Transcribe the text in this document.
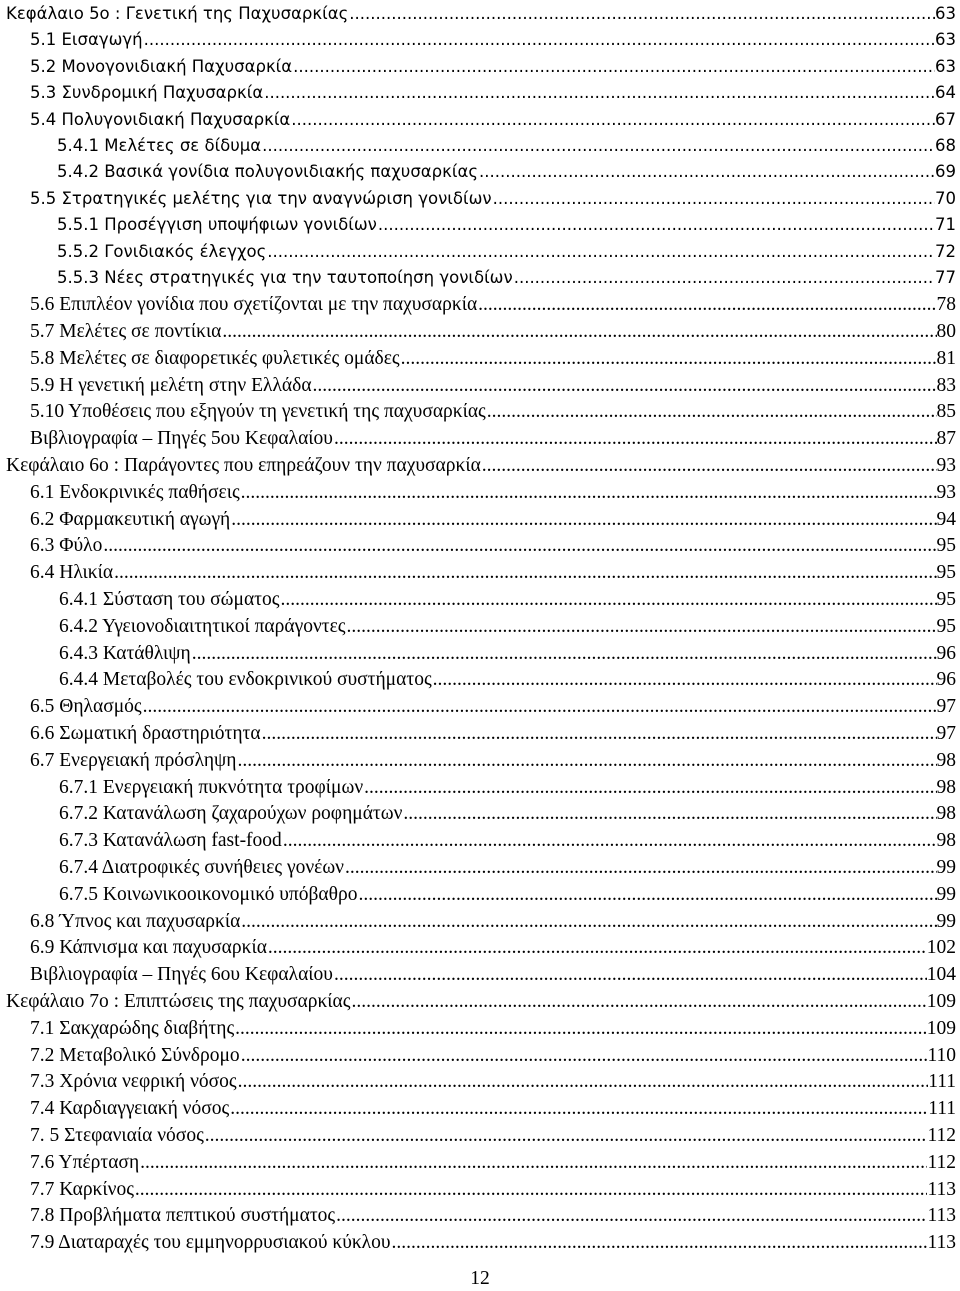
Κεφάλαιο 5ο : Γενετική της Παχυσαρκίας .....	63
5.1 Εισαγωγή .....	63
5.2 Μονογονιδιακή Παχυσαρκία .....	63
5.3 Συνδρομική Παχυσαρκία .....	64
5.4 Πολυγονιδιακή Παχυσαρκία .....	67
5.4.1 Μελέτες σε δίδυμα .....	68
5.4.2 Βασικά γονίδια πολυγονιδιακής παχυσαρκίας .....	69
5.5 Στρατηγικές μελέτης για την αναγνώριση γονιδίων .....	70
5.5.1 Προσέγγιση υποψήφιων γονιδίων .....	71
5.5.2 Γονιδιακός έλεγχος .....	72
5.5.3 Νέες στρατηγικές για την ταυτοποίηση γονιδίων .....	77
5.6 Επιπλέον γονίδια που σχετίζονται με την παχυσαρκία .....	78
5.7 Μελέτες σε ποντίκια .....	80
5.8 Μελέτες σε διαφορετικές φυλετικές ομάδες .....	81
5.9 Η γενετική μελέτη στην Ελλάδα .....	83
5.10 Υποθέσεις που εξηγούν τη γενετική της παχυσαρκίας .....	85
Βιβλιογραφία – Πηγές 5ου Κεφαλαίου .....	87
Κεφάλαιο 6ο : Παράγοντες που επηρεάζουν την παχυσαρκία .....	93
6.1 Ενδοκρινικές παθήσεις .....	93
6.2 Φαρμακευτική αγωγή .....	94
6.3 Φύλο .....	95
6.4 Ηλικία .....	95
6.4.1 Σύσταση του σώματος .....	95
6.4.2 Υγειονοδιαιτητικοί παράγοντες .....	95
6.4.3 Κατάθλιψη .....	96
6.4.4 Μεταβολές του ενδοκρινικού συστήματος .....	96
6.5 Θηλασμός .....	97
6.6 Σωματική δραστηριότητα .....	97
6.7 Ενεργειακή πρόσληψη .....	98
6.7.1 Ενεργειακή πυκνότητα τροφίμων .....	98
6.7.2 Κατανάλωση ζαχαρούχων ροφημάτων .....	98
6.7.3 Κατανάλωση fast-food .....	98
6.7.4 Διατροφικές συνήθειες γονέων .....	99
6.7.5 Κοινωνικοοικονομικό υπόβαθρο .....	99
6.8 Ύπνος και παχυσαρκία .....	99
6.9 Κάπνισμα και παχυσαρκία .....	102
Βιβλιογραφία – Πηγές 6ου Κεφαλαίου .....	104
Κεφάλαιο 7ο : Επιπτώσεις της παχυσαρκίας .....	109
7.1 Σακχαρώδης διαβήτης .....	109
7.2 Μεταβολικό Σύνδρομο .....	110
7.3 Χρόνια νεφρική νόσος .....	111
7.4 Καρδιαγγειακή νόσος .....	111
7. 5 Στεφανιαία νόσος .....	112
7.6 Υπέρταση .....	112
7.7 Καρκίνος .....	113
7.8 Προβλήματα πεπτικού συστήματος .....	113
7.9 Διαταραχές του εμμηνορρυσιακού κύκλου .....	113
12
